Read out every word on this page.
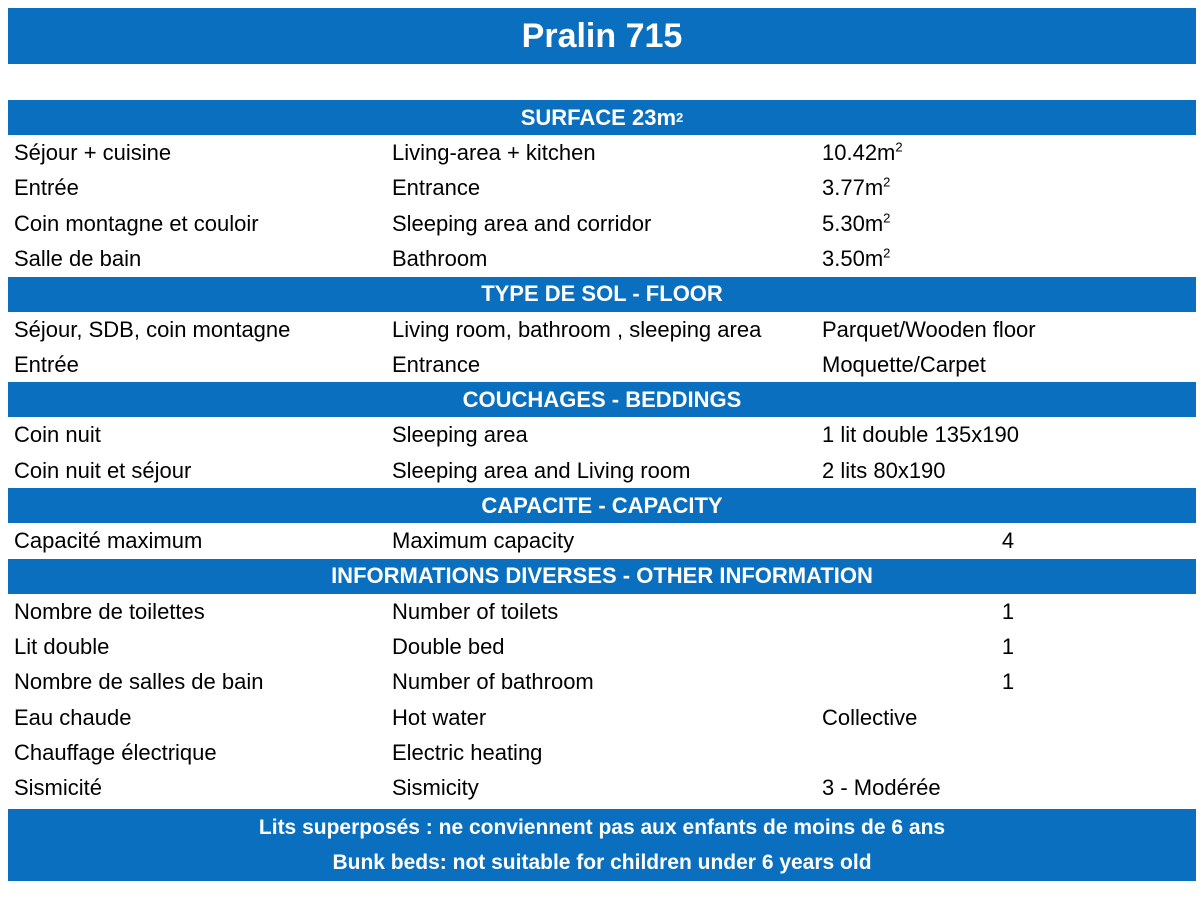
Pralin 715
SURFACE 23m 2
Séjour + cuisine	Living-area + kitchen	$10.42m^2$
Entrée	Entrance	$3.77m^2$
Coin montagne et couloir	Sleeping area and corridor	$5.30m^2$
Salle de bain	Bathroom	$3.50m^2$
TYPE DE SOL - FLOOR
Séjour, SDB, coin montagne	Living room, bathroom , sleeping area	Parquet/Wooden floor
Entrée	Entrance	Moquette/Carpet
COUCHAGES - BEDDINGS
Coin nuit	Sleeping area	1 lit double 135x190
Coin nuit et séjour	Sleeping area and Living room	2 lits 80x190
CAPACITE - CAPACITY
Capacité maximum	Maximum capacity	4
INFORMATIONS DIVERSES - OTHER INFORMATION
Nombre de toilettes	Number of toilets	1
Lit double	Double bed	1
Nombre de salles de bain	Number of bathroom	1
Eau chaude	Hot water	Collective
Chauffage électrique	Electric heating
Sismicité	Sismicity	3 - Modérée
Lits superposés : ne conviennent pas aux enfants de moins de 6 ans
Bunk beds: not suitable for children under 6 years old
